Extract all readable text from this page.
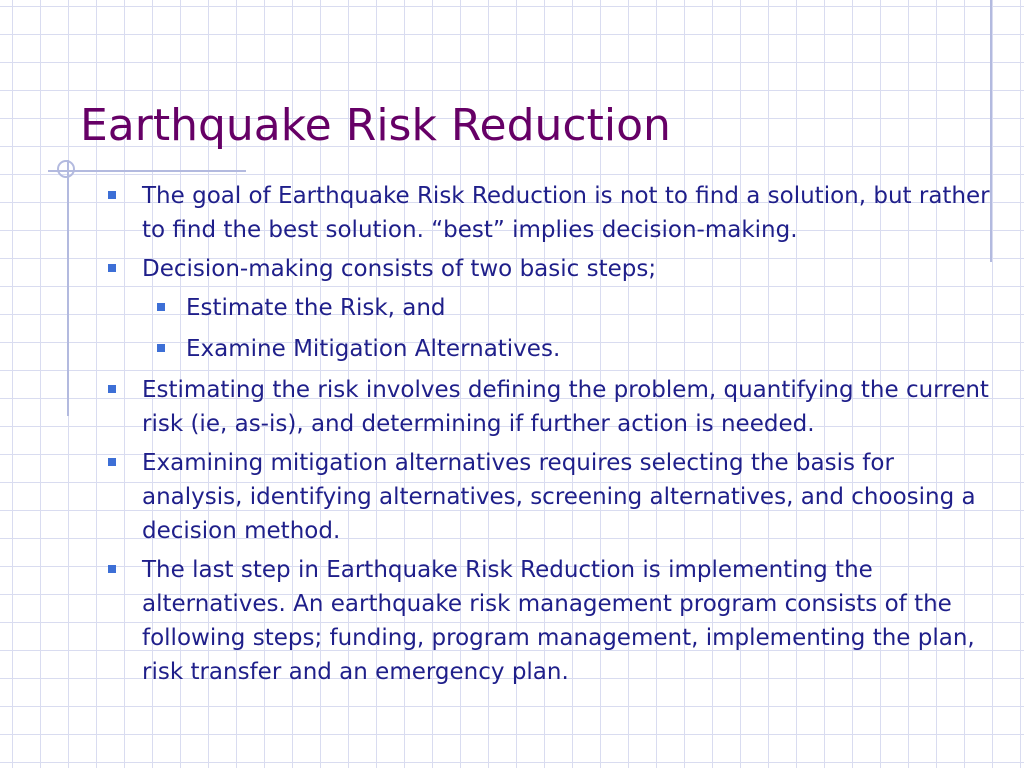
Earthquake Risk Reduction
The goal of Earthquake Risk Reduction is not to find a solution, but rather to find the best solution. “best” implies decision-making.
Decision-making consists of two basic steps;
Estimate the Risk, and
Examine Mitigation Alternatives.
Estimating the risk involves defining the problem, quantifying the current risk (ie, as-is), and determining if further action is needed.
Examining mitigation alternatives requires selecting the basis for analysis, identifying alternatives, screening alternatives, and choosing a decision method.
The last step in Earthquake Risk Reduction is implementing the alternatives. An earthquake risk management program consists of the following steps; funding, program management, implementing the plan, risk transfer and an emergency plan.
